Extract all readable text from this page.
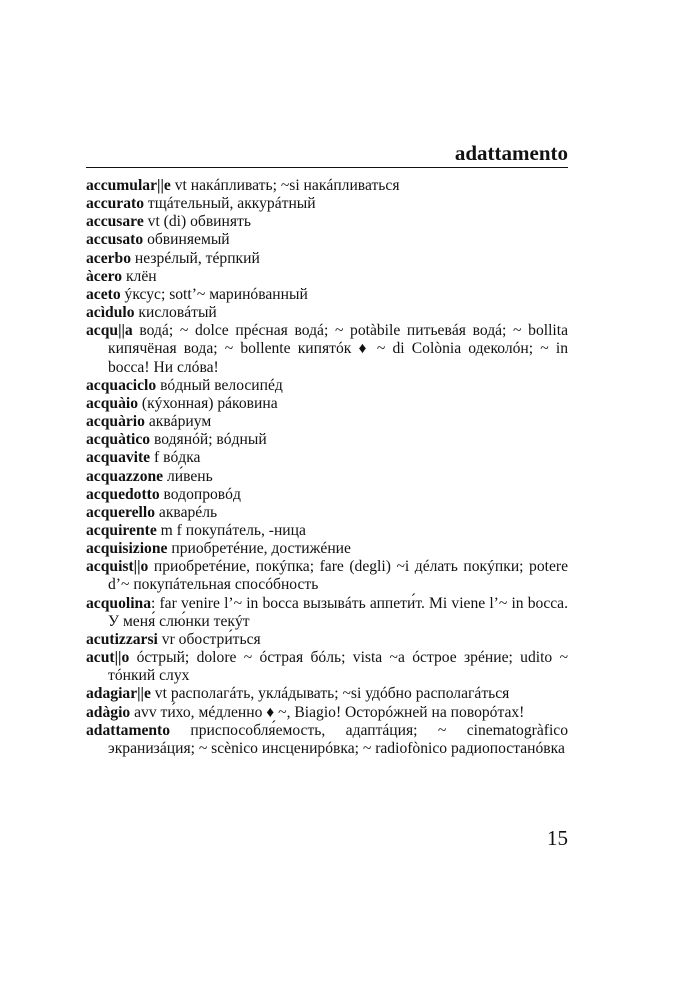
adattamento
accumular||e vt накáпливать; ~si накáпливаться
accurato тщáтельный, аккурáтный
accusare vt (di) обвинять
accusato обвиняемый
acerbo незрéлый, тéрпкий
àcero клён
aceto ýксус; sott’~ маринóванный
acìdulo кисловáтый
acqu||a водá; ~ dolce прéсная водá; ~ potàbile питьевáя водá; ~ bollita кипячёная вода; ~ bollente кипятóк ♦ ~ di Colònia одеколóн; ~ in bocca! Ни слóва!
acquaciclo вóдный велосипéд
acquàio (кýхонная) рáковина
acquàrio аквáриум
acquàtico водянóй; вóдный
acquavite f вóдка
acquazzone ли́вень
acquedotto водопровóд
acquerello акварéль
acquirente m f покупáтель, -ница
acquisizione приобретéние, достижéние
acquist||o приобретéние, покýпка; fare (degli) ~i дéлать покýпки; potere d’~ покупáтельная спосóбность
acquolina: far venire l’~ in bocca вызывáть аппети́т. Mi viene l’~ in bocca. У меня́ слю́нки текýт
acutizzarsi vr обостри́ться
acut||o óстрый; dolore ~ óстрая бóль; vista ~a óстрое зрéние; udito ~ тóнкий слух
adagiar||e vt располагáть, уклáдывать; ~si удóбно располагáться
adàgio avv ти́хо, мéдленно ♦ ~, Biagio! Осторóжней на поворóтах!
adattamento приспособля́емость, адаптáция; ~ cinematogràfico экранизáция; ~ scènico инсценирóвка; ~ radiofònico радиопостанóвка
15
